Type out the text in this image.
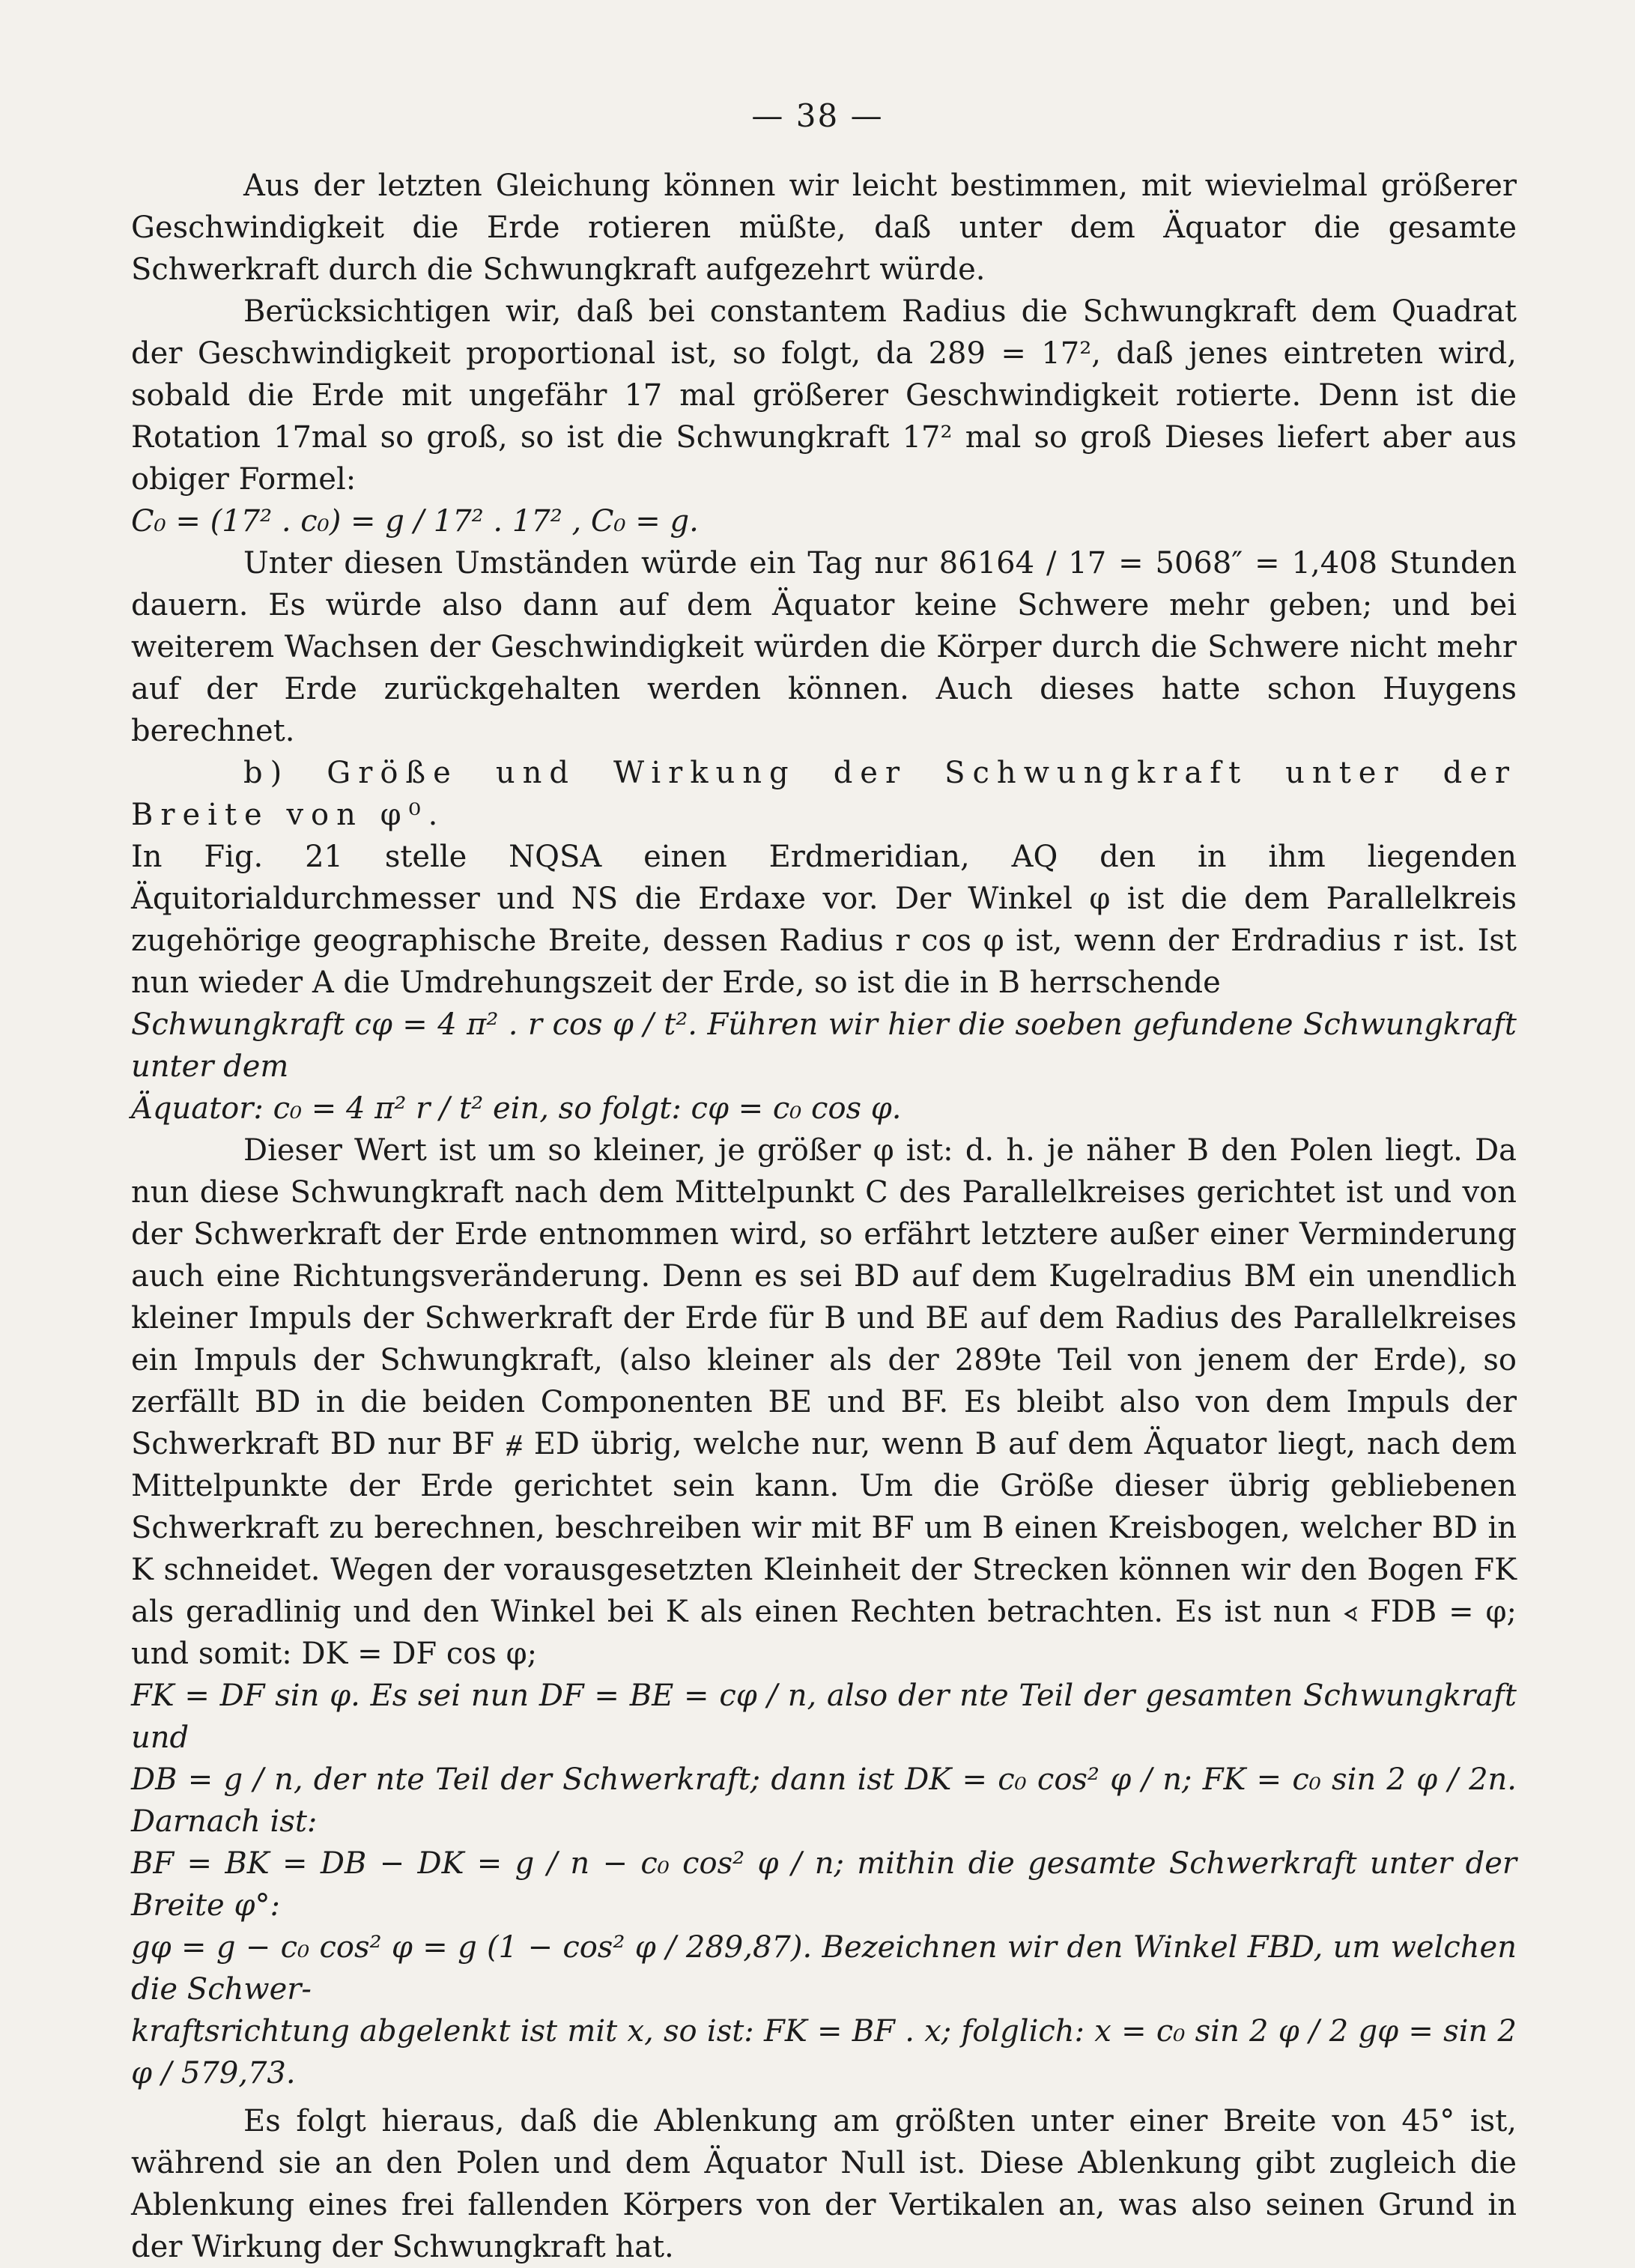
— 38 —

Aus der letzten Gleichung können wir leicht bestimmen, mit wievielmal größerer Geschwindigkeit die Erde rotieren müßte, daß unter dem Äquator die gesamte Schwerkraft durch die Schwungkraft aufgezehrt würde.

Berücksichtigen wir, daß bei constantem Radius die Schwungkraft dem Quadrat der Geschwindigkeit proportional ist, so folgt, da 289 = 17², daß jenes eintreten wird, sobald die Erde mit ungefähr 17 mal größerer Geschwindigkeit rotierte. Denn ist die Rotation 17mal so groß, so ist die Schwungkraft 17² mal so groß Dieses liefert aber aus obiger Formel:

C₀ = (17² . c₀) = g / 17² . 17² , C₀ = g.

Unter diesen Umständen würde ein Tag nur 86164 / 17 = 5068″ = 1,408 Stunden dauern. Es würde also dann auf dem Äquator keine Schwere mehr geben; und bei weiterem Wachsen der Geschwindigkeit würden die Körper durch die Schwere nicht mehr auf der Erde zurückgehalten werden können. Auch dieses hatte schon Huygens berechnet.

b) Größe und Wirkung der Schwungkraft unter der Breite von φ⁰.

In Fig. 21 stelle NQSA einen Erdmeridian, AQ den in ihm liegenden Äquitorialdurchmesser und NS die Erdaxe vor. Der Winkel φ ist die dem Parallelkreis zugehörige geographische Breite, dessen Radius r cos φ ist, wenn der Erdradius r ist. Ist nun wieder A die Umdrehungszeit der Erde, so ist die in B herrschende

Schwungkraft cφ = 4 π² . r cos φ / t². Führen wir hier die soeben gefundene Schwungkraft unter dem

Äquator: c₀ = 4 π² r / t² ein, so folgt: cφ = c₀ cos φ.

Dieser Wert ist um so kleiner, je größer φ ist: d. h. je näher B den Polen liegt. Da nun diese Schwungkraft nach dem Mittelpunkt C des Parallelkreises gerichtet ist und von der Schwerkraft der Erde entnommen wird, so erfährt letztere außer einer Verminderung auch eine Richtungsveränderung. Denn es sei BD auf dem Kugelradius BM ein unendlich kleiner Impuls der Schwerkraft der Erde für B und BE auf dem Radius des Parallelkreises ein Impuls der Schwungkraft, (also kleiner als der 289te Teil von jenem der Erde), so zerfällt BD in die beiden Componenten BE und BF. Es bleibt also von dem Impuls der Schwerkraft BD nur BF ⧣ ED übrig, welche nur, wenn B auf dem Äquator liegt, nach dem Mittelpunkte der Erde gerichtet sein kann. Um die Größe dieser übrig gebliebenen Schwerkraft zu berechnen, beschreiben wir mit BF um B einen Kreisbogen, welcher BD in K schneidet. Wegen der vorausgesetzten Kleinheit der Strecken können wir den Bogen FK als geradlinig und den Winkel bei K als einen Rechten betrachten. Es ist nun ∢ FDB = φ; und somit: DK = DF cos φ;

FK = DF sin φ. Es sei nun DF = BE = cφ / n, also der nte Teil der gesamten Schwungkraft und

DB = g / n, der nte Teil der Schwerkraft; dann ist DK = c₀ cos² φ / n; FK = c₀ sin 2 φ / 2n. Darnach ist:

BF = BK = DB − DK = g / n − c₀ cos² φ / n; mithin die gesamte Schwerkraft unter der Breite φ°:

gφ = g − c₀ cos² φ = g (1 − cos² φ / 289,87). Bezeichnen wir den Winkel FBD, um welchen die Schwer-

kraftsrichtung abgelenkt ist mit x, so ist: FK = BF . x; folglich: x = c₀ sin 2 φ / 2 gφ = sin 2 φ / 579,73.

Es folgt hieraus, daß die Ablenkung am größten unter einer Breite von 45° ist, während sie an den Polen und dem Äquator Null ist. Diese Ablenkung gibt zugleich die Ablenkung eines frei fallenden Körpers von der Vertikalen an, was also seinen Grund in der Wirkung der Schwungkraft hat.
